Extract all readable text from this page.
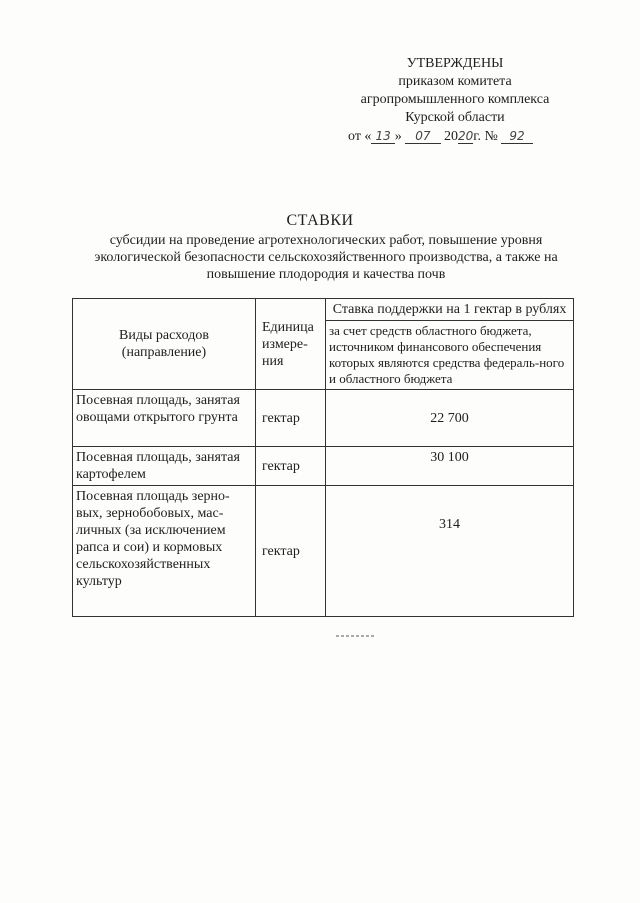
УТВЕРЖДЕНЫ
приказом комитета
агропромышленного комплекса
Курской области
от « 13 » 07 2020г. № 92
СТАВКИ
субсидии на проведение агротехнологических работ, повышение уровня экологической безопасности сельскохозяйственного производства, а также на повышение плодородия и качества почв
Виды расходов (направление)	Единица измере-ния	Ставка поддержки на 1 гектар в рублях
		за счет средств областного бюджета, источником финансового обеспечения которых являются средства федераль-ного и областного бюджета
Посевная площадь, занятая овощами открытого грунта	гектар	22 700
Посевная площадь, занятая картофелем	гектар	30 100
Посевная площадь зерно-вых, зернобобовых, мас-личных (за исключением рапса и сои) и кормовых сельскохозяйственных культур	гектар	314
